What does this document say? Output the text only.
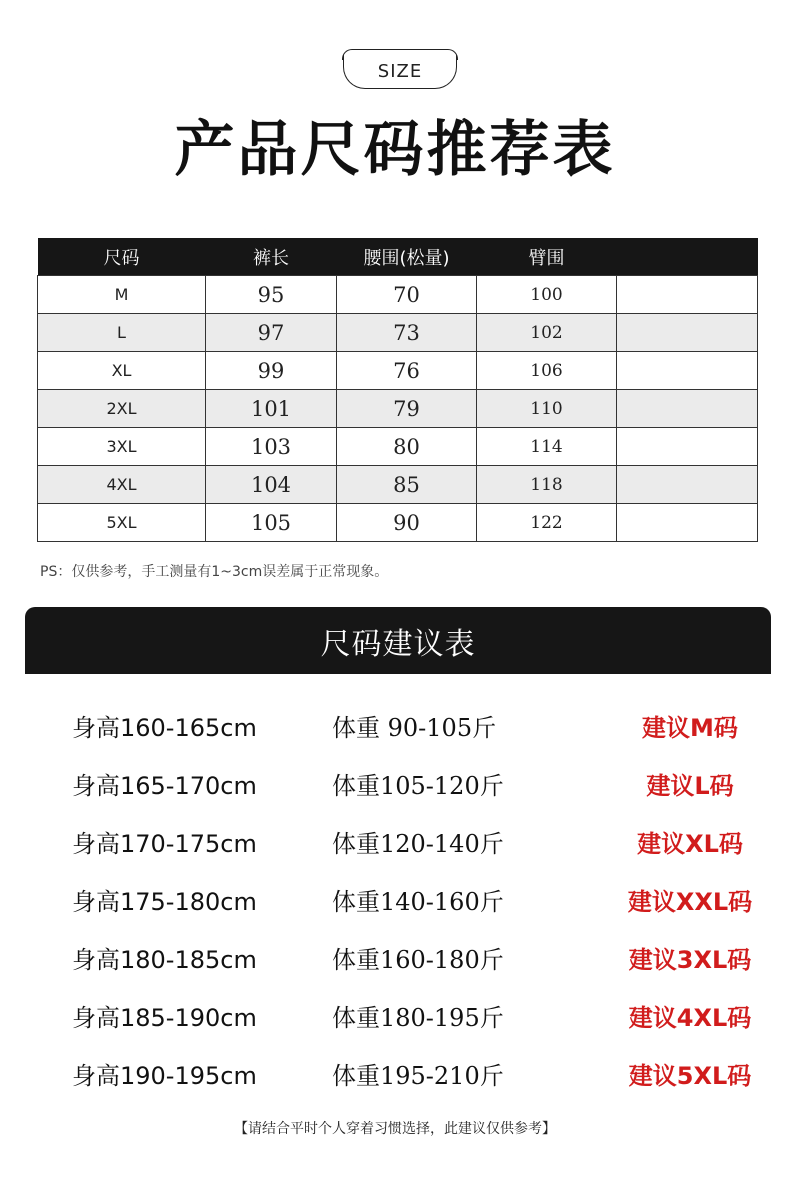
SIZE
产品尺码推荐表
尺码	裤长	腰围(松量)	臂围	
M	95	70	100	
L	97	73	102	
XL	99	76	106	
2XL	101	79	110	
3XL	103	80	114	
4XL	104	85	118	
5XL	105	90	122	
PS：仅供参考，手工测量有1~3cm误差属于正常现象。
尺码建议表
身高160-165cm	体重 90-105斤	建议M码
身高165-170cm	体重105-120斤	建议L码
身高170-175cm	体重120-140斤	建议XL码
身高175-180cm	体重140-160斤	建议XXL码
身高180-185cm	体重160-180斤	建议3XL码
身高185-190cm	体重180-195斤	建议4XL码
身高190-195cm	体重195-210斤	建议5XL码
【请结合平时个人穿着习惯选择，此建议仅供参考】
